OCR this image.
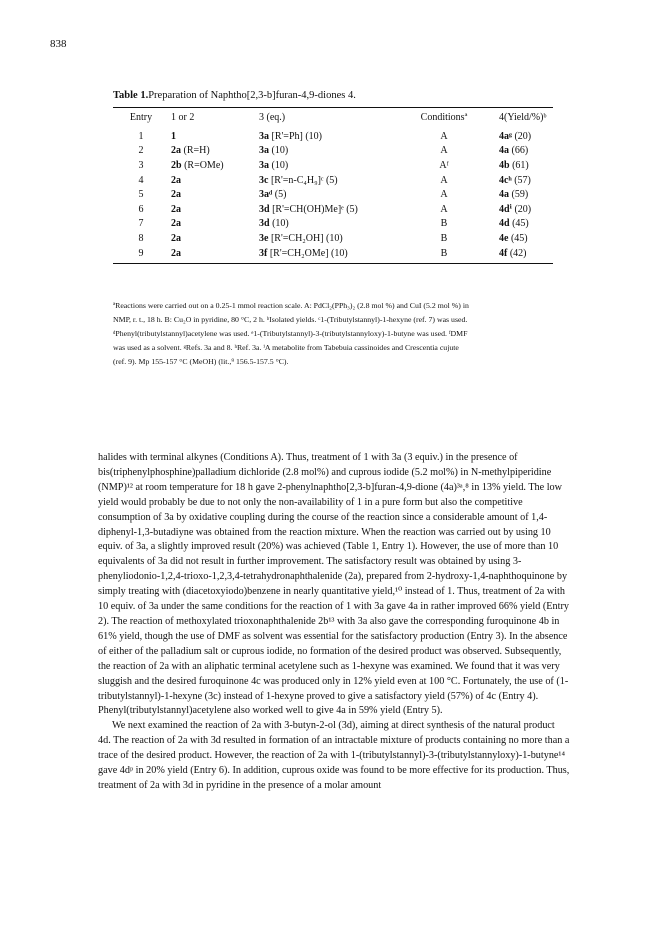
838
Table 1.Preparation of Naphtho[2,3-b]furan-4,9-diones 4.
Entry	1 or 2	3 (eq.)	Conditionsª	4(Yield/%)ᵇ
1	1	3a [R'=Ph] (10)	A	4aᵍ (20)
2	2a (R=H)	3a (10)	A	4a (66)
3	2b (R=OMe)	3a (10)	Aᶠ	4b (61)
4	2a	3c [R'=n-C₄H₉]ᶜ (5)	A	4cʰ (57)
5	2a	3aᵈ (5)	A	4a (59)
6	2a	3d [R'=CH(OH)Me]ᵉ (5)	A	4dⁱ (20)
7	2a	3d (10)	B	4d (45)
8	2a	3e [R'=CH₂OH] (10)	B	4e (45)
9	2a	3f [R'=CH₂OMe] (10)	B	4f (42)

ªReactions were carried out on a 0.25-1 mmol reaction scale. A: PdCl₂(PPh₃)₂ (2.8 mol %) and CuI (5.2 mol %) in

NMP, r. t., 18 h. B: Cu₂O in pyridine, 80 °C, 2 h. ᵇIsolated yields. ᶜ1-(Tributylstannyl)-1-hexyne (ref. 7) was used.

ᵈPhenyl(tributylstannyl)acetylene was used. ᵉ1-(Tributylstannyl)-3-(tributylstannyloxy)-1-butyne was used. ᶠDMF

was used as a solvent. ᵍRefs. 3a and 8. ʰRef. 3a. ⁱA metabolite from Tabebuia cassinoides and Crescentia cujute

(ref. 9). Mp 155-157 °C (MeOH) (lit.,⁹ 156.5-157.5 °C).

halides with terminal alkynes (Conditions A). Thus, treatment of 1 with 3a (3 equiv.) in the presence of bis(triphenylphosphine)palladium dichloride (2.8 mol%) and cuprous iodide (5.2 mol%) in N-methylpiperidine (NMP)¹² at room temperature for 18 h gave 2-phenylnaphtho[2,3-b]furan-4,9-dione (4a)³ᵃ,⁸ in 13% yield. The low yield would probably be due to not only the non-availability of 1 in a pure form but also the competitive consumption of 3a by oxidative coupling during the course of the reaction since a considerable amount of 1,4-diphenyl-1,3-butadiyne was obtained from the reaction mixture. When the reaction was carried out by using 10 equiv. of 3a, a slightly improved result (20%) was achieved (Table 1, Entry 1). However, the use of more than 10 equivalents of 3a did not result in further improvement. The satisfactory result was obtained by using 3-phenyliodonio-1,2,4-trioxo-1,2,3,4-tetrahydronaphthalenide (2a), prepared from 2-hydroxy-1,4-naphthoquinone by simply treating with (diacetoxyiodo)benzene in nearly quantitative yield,¹⁰ instead of 1. Thus, treatment of 2a with 10 equiv. of 3a under the same conditions for the reaction of 1 with 3a gave 4a in rather improved 66% yield (Entry 2). The reaction of methoxylated trioxonaphthalenide 2b¹³ with 3a also gave the corresponding furoquinone 4b in 61% yield, though the use of DMF as solvent was essential for the satisfactory production (Entry 3). In the absence of either of the palladium salt or cuprous iodide, no formation of the desired product was observed. Subsequently, the reaction of 2a with an aliphatic terminal acetylene such as 1-hexyne was examined. We found that it was very sluggish and the desired furoquinone 4c was produced only in 12% yield even at 100 °C. Fortunately, the use of (1-tributylstannyl)-1-hexyne (3c) instead of 1-hexyne proved to give a satisfactory yield (57%) of 4c (Entry 4). Phenyl(tributylstannyl)acetylene also worked well to give 4a in 59% yield (Entry 5).

We next examined the reaction of 2a with 3-butyn-2-ol (3d), aiming at direct synthesis of the natural product 4d. The reaction of 2a with 3d resulted in formation of an intractable mixture of products containing no more than a trace of the desired product. However, the reaction of 2a with 1-(tributylstannyl)-3-(tributylstannyloxy)-1-butyne¹⁴ gave 4dᵖ in 20% yield (Entry 6). In addition, cuprous oxide was found to be more effective for its production. Thus, treatment of 2a with 3d in pyridine in the presence of a molar amount
